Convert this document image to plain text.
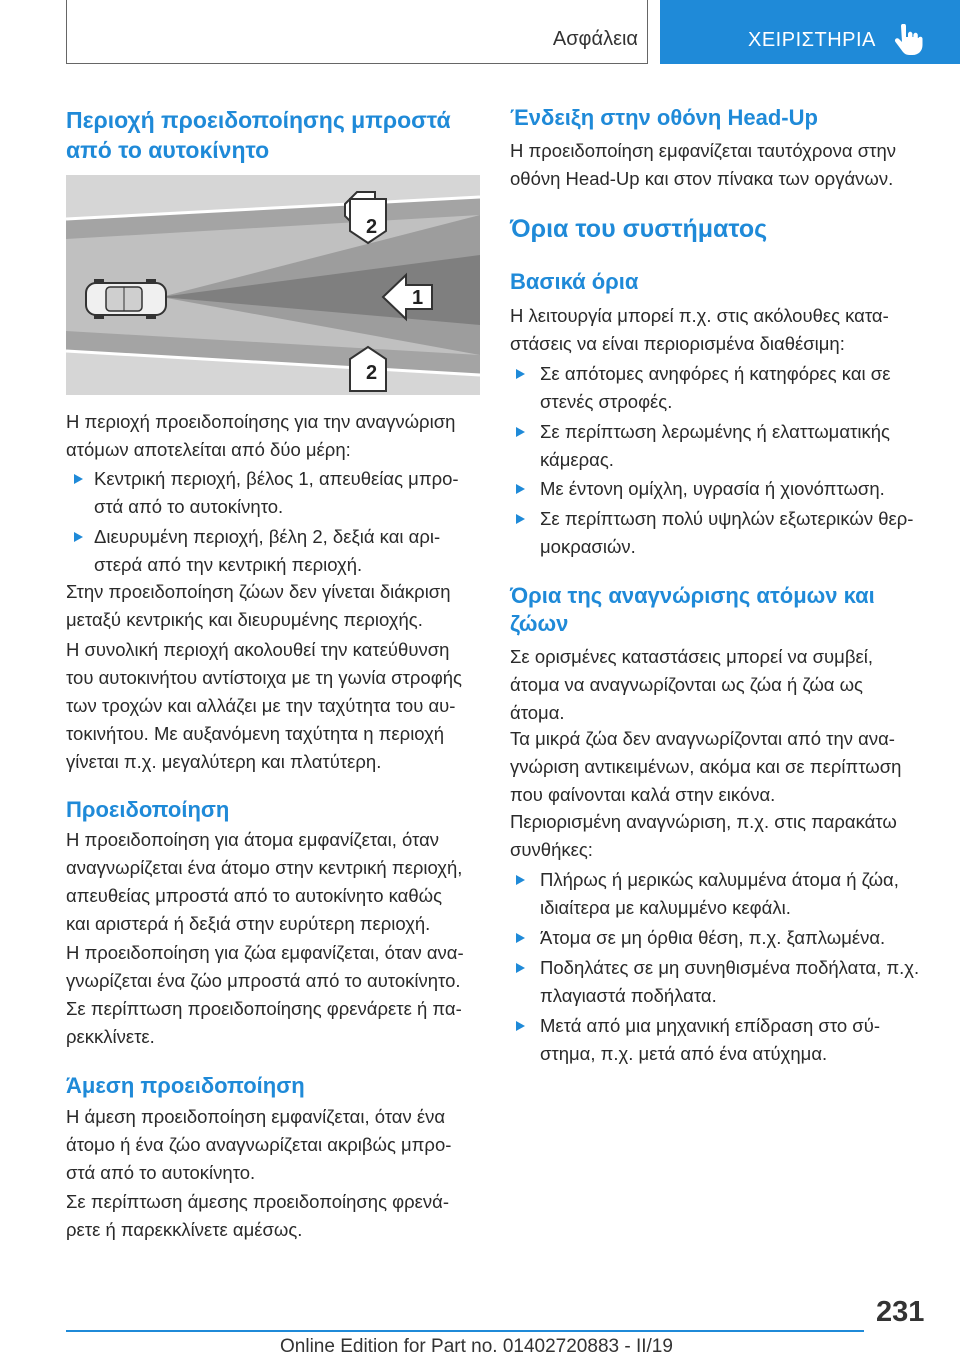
Ασφάλεια	ΧΕΙΡΙΣΤΗΡΙΑ
Περιοχή προειδοποίησης μπροστά
από το αυτοκίνητο
2
1
2
Η περιοχή προειδοποίησης για την αναγνώριση
ατόμων αποτελείται από δύο μέρη:
Κεντρική περιοχή, βέλος 1, απευθείας μπρο‐
στά από το αυτοκίνητο.
Διευρυμένη περιοχή, βέλη 2, δεξιά και αρι‐
στερά από την κεντρική περιοχή.
Στην προειδοποίηση ζώων δεν γίνεται διάκριση
μεταξύ κεντρικής και διευρυμένης περιοχής.
Η συνολική περιοχή ακολουθεί την κατεύθυνση
του αυτοκινήτου αντίστοιχα με τη γωνία στροφής
των τροχών και αλλάζει με την ταχύτητα του αυ‐
τοκινήτου. Με αυξανόμενη ταχύτητα η περιοχή
γίνεται π.χ. μεγαλύτερη και πλατύτερη.
Προειδοποίηση
Η προειδοποίηση για άτομα εμφανίζεται, όταν
αναγνωρίζεται ένα άτομο στην κεντρική περιοχή,
απευθείας μπροστά από το αυτοκίνητο καθώς
και αριστερά ή δεξιά στην ευρύτερη περιοχή.
Η προειδοποίηση για ζώα εμφανίζεται, όταν ανα‐
γνωρίζεται ένα ζώο μπροστά από το αυτοκίνητο.
Σε περίπτωση προειδοποίησης φρενάρετε ή πα‐
ρεκκλίνετε.
Άμεση προειδοποίηση
Η άμεση προειδοποίηση εμφανίζεται, όταν ένα
άτομο ή ένα ζώο αναγνωρίζεται ακριβώς μπρο‐
στά από το αυτοκίνητο.
Σε περίπτωση άμεσης προειδοποίησης φρενά‐
ρετε ή παρεκκλίνετε αμέσως.
Ένδειξη στην οθόνη Head-Up
Η προειδοποίηση εμφανίζεται ταυτόχρονα στην
οθόνη Head-Up και στον πίνακα των οργάνων.
Όρια του συστήματος
Βασικά όρια
Η λειτουργία μπορεί π.χ. στις ακόλουθες κατα‐
στάσεις να είναι περιορισμένα διαθέσιμη:
Σε απότομες ανηφόρες ή κατηφόρες και σε
στενές στροφές.
Σε περίπτωση λερωμένης ή ελαττωματικής
κάμερας.
Με έντονη ομίχλη, υγρασία ή χιονόπτωση.
Σε περίπτωση πολύ υψηλών εξωτερικών θερ‐
μοκρασιών.
Όρια της αναγνώρισης ατόμων και
ζώων
Σε ορισμένες καταστάσεις μπορεί να συμβεί,
άτομα να αναγνωρίζονται ως ζώα ή ζώα ως
άτομα.
Τα μικρά ζώα δεν αναγνωρίζονται από την ανα‐
γνώριση αντικειμένων, ακόμα και σε περίπτωση
που φαίνονται καλά στην εικόνα.
Περιορισμένη αναγνώριση, π.χ. στις παρακάτω
συνθήκες:
Πλήρως ή μερικώς καλυμμένα άτομα ή ζώα,
ιδιαίτερα με καλυμμένο κεφάλι.
Άτομα σε μη όρθια θέση, π.χ. ξαπλωμένα.
Ποδηλάτες σε μη συνηθισμένα ποδήλατα, π.χ.
πλαγιαστά ποδήλατα.
Μετά από μια μηχανική επίδραση στο σύ‐
στημα, π.χ. μετά από ένα ατύχημα.
231
Online Edition for Part no. 01402720883 - II/19
